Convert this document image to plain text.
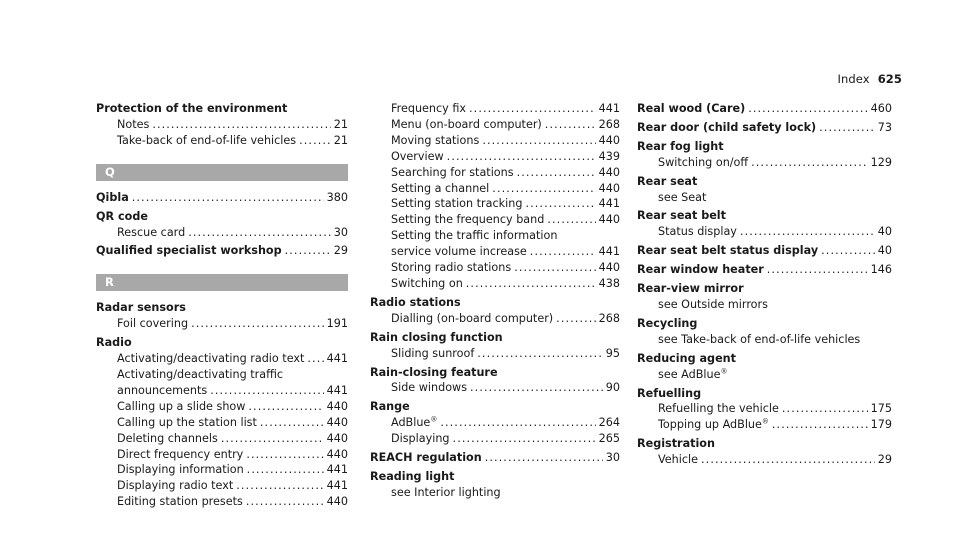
Index 625
Protection of the environment
Notes .....	21
Take-back of end-of-life vehicles .....	21
Q
Qibla .....	380
QR code
Rescue card .....	30
Qualified specialist workshop .....	29
R
Radar sensors
Foil covering .....	191
Radio
Activating/deactivating radio text ..... 441
Activating/deactivating traffic
announcements .....	441
Calling up a slide show .....	440
Calling up the station list .....	440
Deleting channels .....	440
Direct frequency entry .....	440
Displaying information .....	441
Displaying radio text .....	441
Editing station presets .....	440
Frequency fix .....	441
Menu (on-board computer) .....	268
Moving stations .....	440
Overview .....	439
Searching for stations .....	440
Setting a channel .....	440
Setting station tracking .....	441
Setting the frequency band .....	440
Setting the traffic information
service volume increase .....	441
Storing radio stations .....	440
Switching on .....	438
Radio stations
Dialling (on-board computer) .....	268
Rain closing function
Sliding sunroof .....	95
Rain-closing feature
Side windows .....	90
Range
AdBlue® .....	264
Displaying .....	265
REACH regulation .....	30
Reading light
see Interior lighting
Real wood (Care) .....	460
Rear door (child safety lock) .....	73
Rear fog light
Switching on/off .....	129
Rear seat
see Seat
Rear seat belt
Status display .....	40
Rear seat belt status display .....	40
Rear window heater .....	146
Rear-view mirror
see Outside mirrors
Recycling
see Take-back of end-of-life vehicles
Reducing agent
see AdBlue®
Refuelling
Refuelling the vehicle .....	175
Topping up AdBlue® .....	179
Registration
Vehicle .....	29
